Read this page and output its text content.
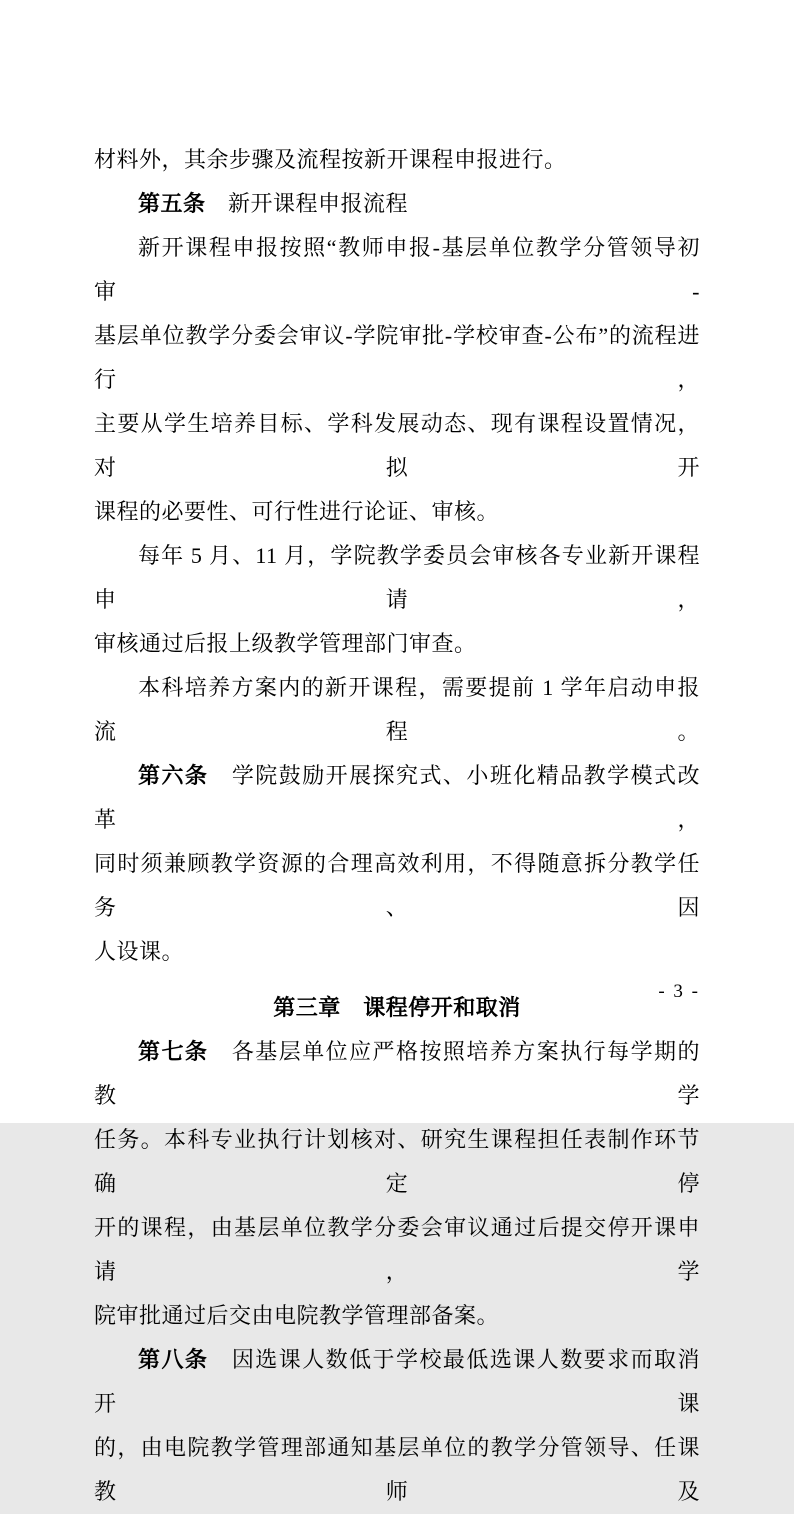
材料外，其余步骤及流程按新开课程申报进行。
第五条　新开课程申报流程
新开课程申报按照“教师申报-基层单位教学分管领导初审-
基层单位教学分委会审议-学院审批-学校审查-公布”的流程进行，
主要从学生培养目标、学科发展动态、现有课程设置情况，对拟开
课程的必要性、可行性进行论证、审核。
每年 5 月、11 月，学院教学委员会审核各专业新开课程申请，
审核通过后报上级教学管理部门审查。
本科培养方案内的新开课程，需要提前 1 学年启动申报流程。
第六条　学院鼓励开展探究式、小班化精品教学模式改革，
同时须兼顾教学资源的合理高效利用，不得随意拆分教学任务、因
人设课。
第三章　课程停开和取消
第七条　各基层单位应严格按照培养方案执行每学期的教学
任务。本科专业执行计划核对、研究生课程担任表制作环节确定停
开的课程，由基层单位教学分委会审议通过后提交停开课申请，学
院审批通过后交由电院教学管理部备案。
第八条　因选课人数低于学校最低选课人数要求而取消开课
的，由电院教学管理部通知基层单位的教学分管领导、任课教师及
- 3 -
